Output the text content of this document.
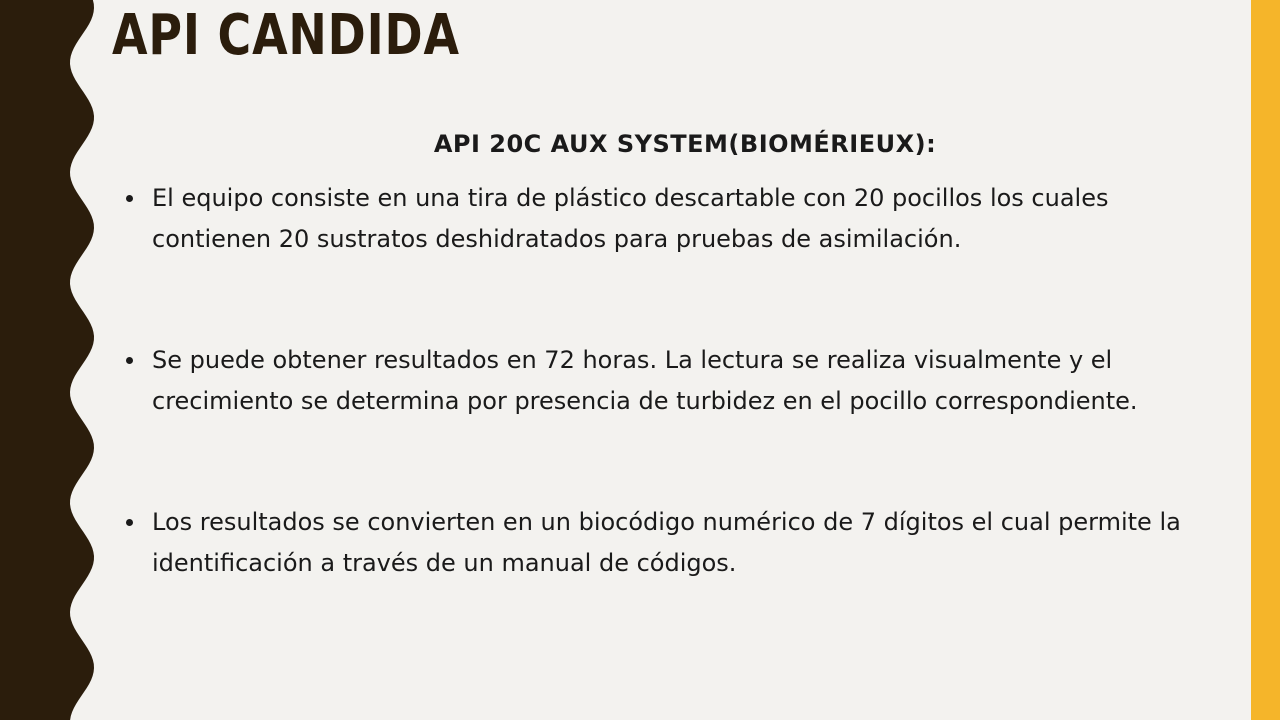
API CANDIDA
API 20C AUX SYSTEM(BIOMÉRIEUX):
El equipo consiste en una tira de plástico descartable con 20 pocillos los cuales contienen 20 sustratos deshidratados para pruebas de asimilación.
Se puede obtener resultados en 72 horas. La lectura se realiza visualmente y el crecimiento se determina por presencia de turbidez en el pocillo correspondiente.
Los resultados se convierten en un biocódigo numérico de 7 dígitos el cual permite la identificación a través de un manual de códigos.
